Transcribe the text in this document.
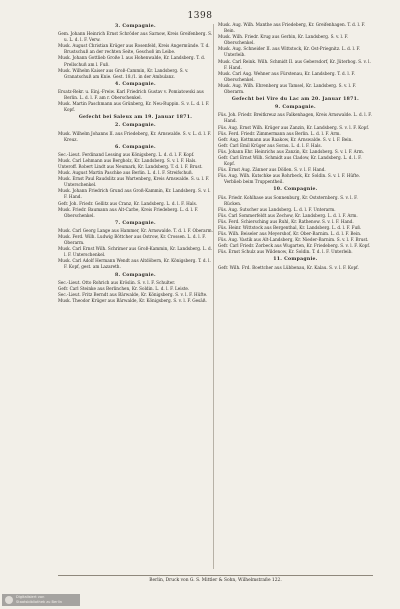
1398
3. Compagnie.
Gem. Johann Heinrich Ernst Schröder aus Sarnow, Kreis Greifenberg. S. u. L. d. l. F. Verw.
Musk. August Christian Krüger aus Rosenfeld, Kreis Angermünde. T. d. Brustschuß an der rechten Seite, Geschoß im Leibe.
Musk. Johann Gottlieb Große I. aus Hohenwalde, Kr. Landsberg. T. d. Prellschuß am l. Fuß.
Musk. Wilhelm Kaiser aus Groß-Cammin, Kr. Landsberg. S. v. Granatschuß am Knie. Gest. 18./1. in der Ambulanz.
4. Compagnie.
Ersatz-Rekr. u. Einj.-Freiw. Karl Friedrich Gustav v. Pomiatowski aus Berlin. L. d. l. F. am r. Oberschenkel.
Musk. Martin Paschmann aus Grünberg, Kr. Neu-Ruppin. S. v. L. d. l. F. Kopf.
Gefecht bei Saleux am 19. Januar 1871.
2. Compagnie.
Musk. Wilhelm Johanns II. aus Friedeberg, Kr. Arnswalde. S. v. L. d. l. F. Kreuz.
6. Compagnie.
Sec.-Lieut. Ferdinand Lessing aus Königsberg. L. d. d. l. F. Kopf.
Musk. Carl Lehmann aus Bergholz, Kr. Landsberg. S. v. l. F. Hals.
Unteroff. Robert Lindt aus Neumark, Kr. Landsberg. T. d. l. F. Brust.
Musk. August Martin Paschke aus Berlin. L. d. l. F. Streifschuß.
Musk. Ernst Paul Raudslitz aus Wartenberg, Kreis Arnswalde. S. u. l. F. Unterschenkel.
Musk. Johann Friedrich Grund aus Groß-Kammin, Kr. Landsberg. S. v. l. F. Hand.
Gefr. Joh. Friedr. Gellitz aus Cranz, Kr. Landsberg. L. d. l. F. Hals.
Musk. Friedr. Baumann aus Alt-Carbe, Kreis Friedeberg. L. d. l. F. Oberschenkel.
7. Compagnie.
Musk. Carl Georg Lange aus Hammer, Kr. Arnswalde. T. d. l. F. Oberarm.
Musk. Ferd. Wilh. Ludwig Böttcher aus Ostrow, Kr. Crossen. L. d. l. F. Oberarm.
Musk. Carl Ernst Wilh. Schrimer aus Groß-Kammin, Kr. Landsberg. L. d. l. F. Unterschenkel.
Musk. Carl Adolf Hermann Wendt aus Altdöbern, Kr. Königsberg. T. d. l. F. Kopf, gest. am Lazareth.
8. Compagnie.
Sec.-Lieut. Otto Rohrich aus Kröslin. S. v. l. F. Schulter.
Gefr. Carl Steinke aus Berlinchen, Kr. Soldin. L. d. l. F. Leiste.
Sec.-Lieut. Fritz Berndt aus Bärwalde, Kr. Königsberg. S. v. l. F. Hüfte.
Musk. Theodor Krüger aus Bärwalde, Kr. Königsberg. S. v. l. F. Gesäß.
Musk. Aug. Wilh. Manthe aus Friedeberg, Kr. Greifenhagen. T. d. l. F. Bein.
Musk. Wilh. Friedr. Krug aus Gerbin, Kr. Landsberg. S. v. l. F. Oberschenkel.
Musk. Aug. Schneider II. aus Wittstock, Kr. Ost-Priegnitz. L. d. l. F. Unterleib.
Musk. Carl Reink. Wilh. Schmidt II. aus Gebersdorf, Kr. Jüterbog. S. v. l. F. Hand.
Musk. Carl Aug. Wehner aus Fürstenau, Kr. Landsberg. T. d. l. F. Oberschenkel.
Musk. Aug. Wilh. Ehrenberg aus Tamsel, Kr. Landsberg. S. v. l. F. Oberarm.
Gefecht bei Vire du Lac am 20. Januar 1871.
9. Compagnie.
Füs. Joh. Friedr. Breitkreuz aus Falkenhagen, Kreis Arnswalde. L. d. l. F. Hand.
Füs. Aug. Ernst Wilh. Krüger aus Zanzin, Kr. Landsberg. S. v. l. F. Kopf.
Füs. Ferd. Friedr. Zimmermann aus Berlin. L. d. l. F. Arm.
Gefr. Aug. Kottmann aus Raakow, Kr. Arnswalde. S. v. l. F. Bein.
Gefr. Carl Emil Krüger aus Sorau. L. d. l. F. Hals.
Füs. Johann Ehr. Heinrichs aus Zanzin, Kr. Landsberg. S. v. l. F. Arm.
Gefr. Carl Ernst Wilh. Schmidt aus Cladow, Kr. Landsberg. L. d. l. F. Kopf.
Füs. Ernst Aug. Zänner aus Döllen. S. v. l. F. Hand.
Füs. Aug. Wilh. Kutschke aus Rohrbeck, Kr. Soldin. S. v. l. F. Hüfte. Verblieb beim Truppentheil.
10. Compagnie.
Füs. Friedr. Kohlhase aus Sonnenburg, Kr. Oststernberg. S. v. l. F. Rücken.
Füs. Aug. Sutscher aus Landsberg. L. d. l. F. Unterarm.
Füs. Carl Sommerfeldt aus Zechow, Kr. Landsberg. L. d. l. F. Arm.
Füs. Ferd. Schiersching aus Ruhl, Kr. Rathenow. S. v. l. F. Hand.
Füs. Heinr. Wittstock aus Bergenthal, Kr. Landsberg. L. d. l. F. Fuß.
Füs. Wilh. Beiseler aus Meyershof, Kr. Ober-Barnim. L. d. l. F. Bein.
Füs. Aug. Vastik aus Alt-Landsberg, Kr. Nieder-Barnim. S. v. l. F. Brust.
Gefr. Carl Friedr. Zorbeck aus Wugarten, Kr. Friedeberg. S. v. l. F. Kopf.
Füs. Ernst Schulz aus Wildenow, Kr. Soldin. T. d. l. F. Unterleib.
11. Compagnie.
Gefr. Wilh. Frd. Boettcher aus Lübbenau, Kr. Kalau. S. v. l. F. Kopf.
Berlin, Druck von G. S. Mittler & Sohn, Wilhelmstraße 122.
Digitalisiert von
Staatsbibliothek zu Berlin
